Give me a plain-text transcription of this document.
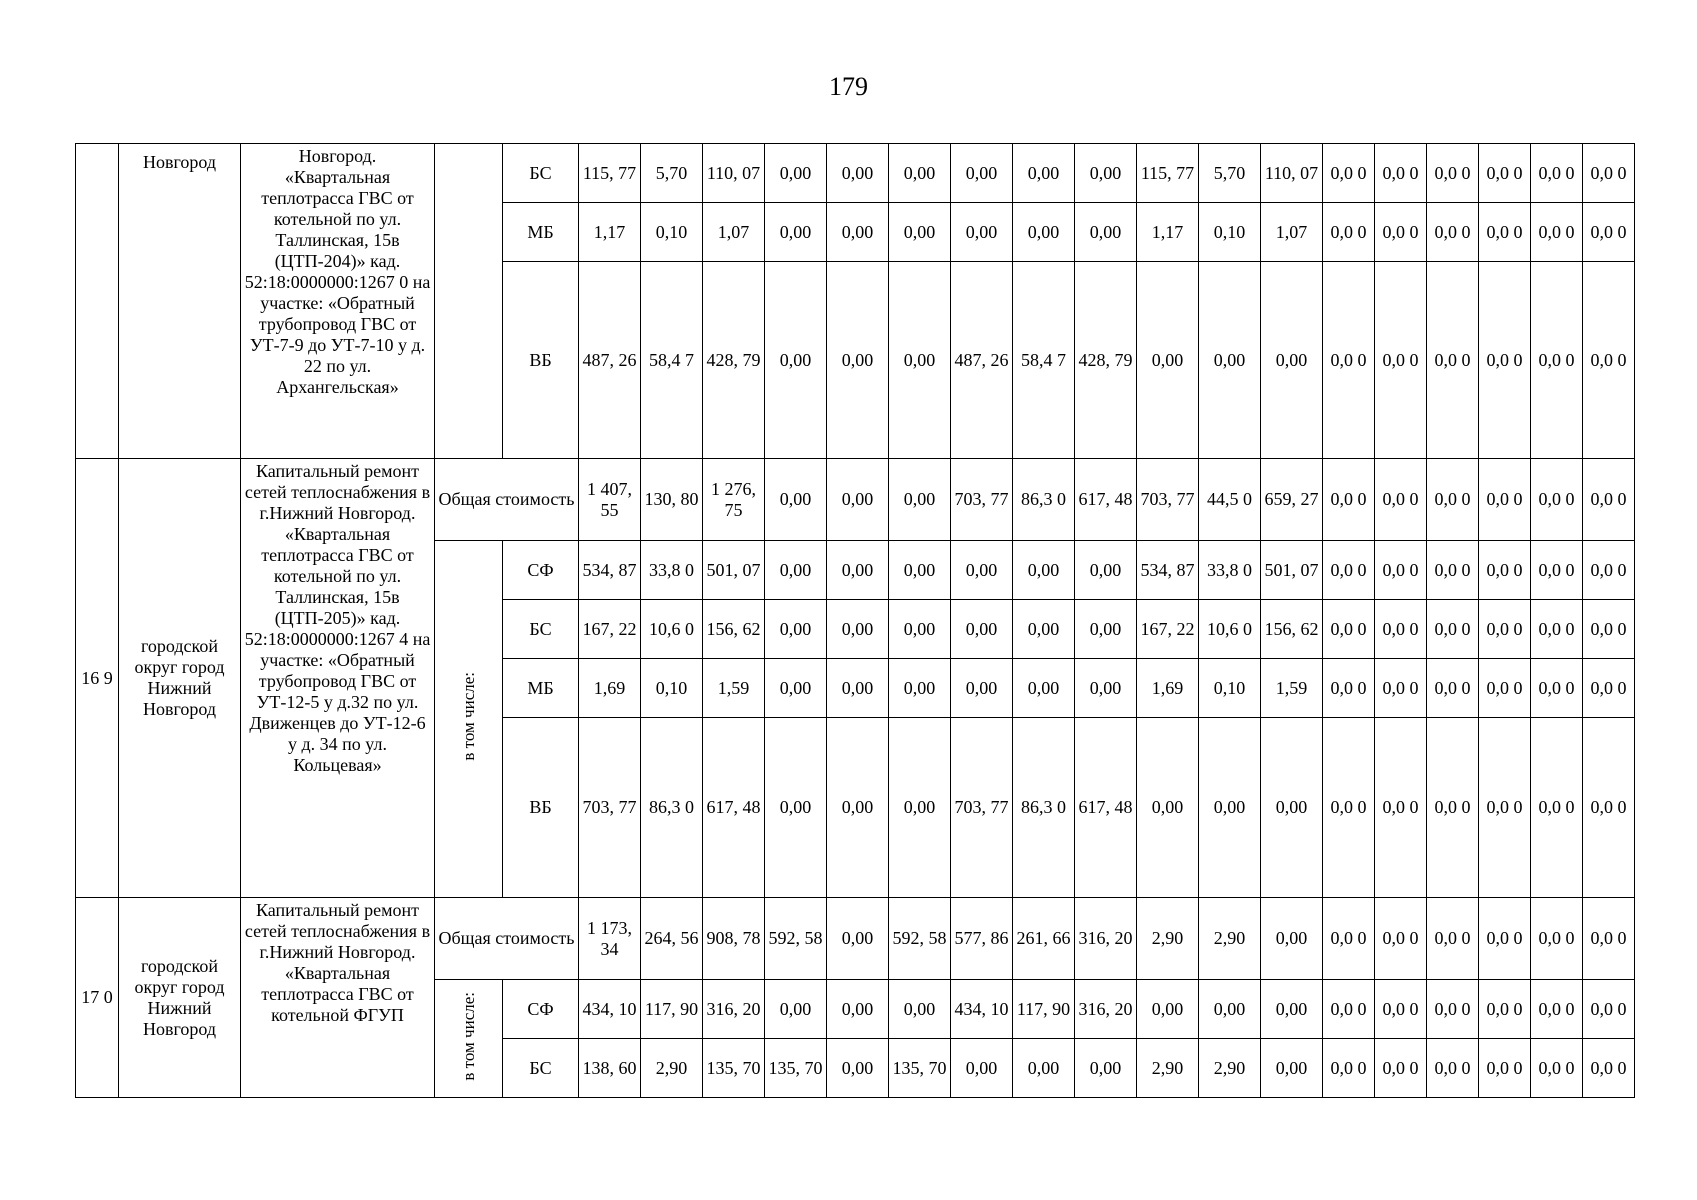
179
	Новгород	Новгород. «Квартальная теплотрасса ГВС от котельной по ул. Таллинская, 15в (ЦТП-204)» кад. 52:18:0000000:1267 0 на участке: «Обратный трубопровод ГВС от УТ-7-9 до УТ-7-10 у д. 22 по ул. Архангельская»		БС	115, 77	5,70	110, 07	0,00	0,00	0,00	0,00	0,00	0,00	115, 77	5,70	110, 07	0,0 0	0,0 0	0,0 0	0,0 0	0,0 0	0,0 0
				МБ	1,17	0,10	1,07	0,00	0,00	0,00	0,00	0,00	0,00	1,17	0,10	1,07	0,0 0	0,0 0	0,0 0	0,0 0	0,0 0	0,0 0
				ВБ	487, 26	58,4 7	428, 79	0,00	0,00	0,00	487, 26	58,4 7	428, 79	0,00	0,00	0,00	0,0 0	0,0 0	0,0 0	0,0 0	0,0 0	0,0 0
16 9	городской округ город Нижний Новгород	Капитальный ремонт сетей теплоснабжения в г.Нижний Новгород. «Квартальная теплотрасса ГВС от котельной по ул. Таллинская, 15в (ЦТП-205)» кад. 52:18:0000000:1267 4 на участке: «Обратный трубопровод ГВС от УТ-12-5 у д.32 по ул. Движенцев до УТ-12-6 у д. 34 по ул. Кольцевая»	Общая стоимость		1 407, 55	130, 80	1 276, 75	0,00	0,00	0,00	703, 77	86,3 0	617, 48	703, 77	44,5 0	659, 27	0,0 0	0,0 0	0,0 0	0,0 0	0,0 0	0,0 0
			в том числе:	СФ	534, 87	33,8 0	501, 07	0,00	0,00	0,00	0,00	0,00	0,00	534, 87	33,8 0	501, 07	0,0 0	0,0 0	0,0 0	0,0 0	0,0 0	0,0 0
				БС	167, 22	10,6 0	156, 62	0,00	0,00	0,00	0,00	0,00	0,00	167, 22	10,6 0	156, 62	0,0 0	0,0 0	0,0 0	0,0 0	0,0 0	0,0 0
				МБ	1,69	0,10	1,59	0,00	0,00	0,00	0,00	0,00	0,00	1,69	0,10	1,59	0,0 0	0,0 0	0,0 0	0,0 0	0,0 0	0,0 0
				ВБ	703, 77	86,3 0	617, 48	0,00	0,00	0,00	703, 77	86,3 0	617, 48	0,00	0,00	0,00	0,0 0	0,0 0	0,0 0	0,0 0	0,0 0	0,0 0
17 0	городской округ город Нижний Новгород	Капитальный ремонт сетей теплоснабжения в г.Нижний Новгород. «Квартальная теплотрасса ГВС от котельной ФГУП	Общая стоимость		1 173, 34	264, 56	908, 78	592, 58	0,00	592, 58	577, 86	261, 66	316, 20	2,90	2,90	0,00	0,0 0	0,0 0	0,0 0	0,0 0	0,0 0	0,0 0
			в том числе:	СФ	434, 10	117, 90	316, 20	0,00	0,00	0,00	434, 10	117, 90	316, 20	0,00	0,00	0,00	0,0 0	0,0 0	0,0 0	0,0 0	0,0 0	0,0 0
				БС	138, 60	2,90	135, 70	135, 70	0,00	135, 70	0,00	0,00	0,00	2,90	2,90	0,00	0,0 0	0,0 0	0,0 0	0,0 0	0,0 0	0,0 0
